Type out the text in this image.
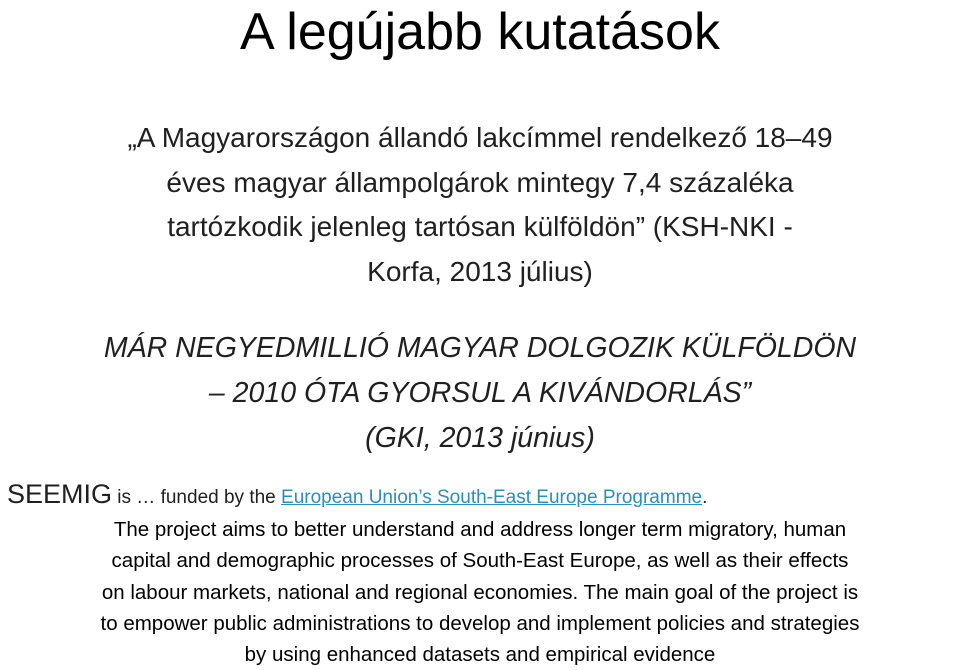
A legújabb kutatások
„A Magyarországon állandó lakcímmel rendelkező 18–49
éves magyar állampolgárok mintegy 7,4 százaléka
tartózkodik jelenleg tartósan külföldön” (KSH-NKI -
Korfa, 2013 július)
MÁR NEGYEDMILLIÓ MAGYAR DOLGOZIK KÜLFÖLDÖN
– 2010 ÓTA GYORSUL A KIVÁNDORLÁS”
(GKI, 2013 június)
SEEMIG is … funded by the European Union’s South-East Europe Programme.
The project aims to better understand and address longer term migratory, human
capital and demographic processes of South-East Europe, as well as their effects
on labour markets, national and regional economies. The main goal of the project is
to empower public administrations to develop and implement policies and strategies
by using enhanced datasets and empirical evidence
